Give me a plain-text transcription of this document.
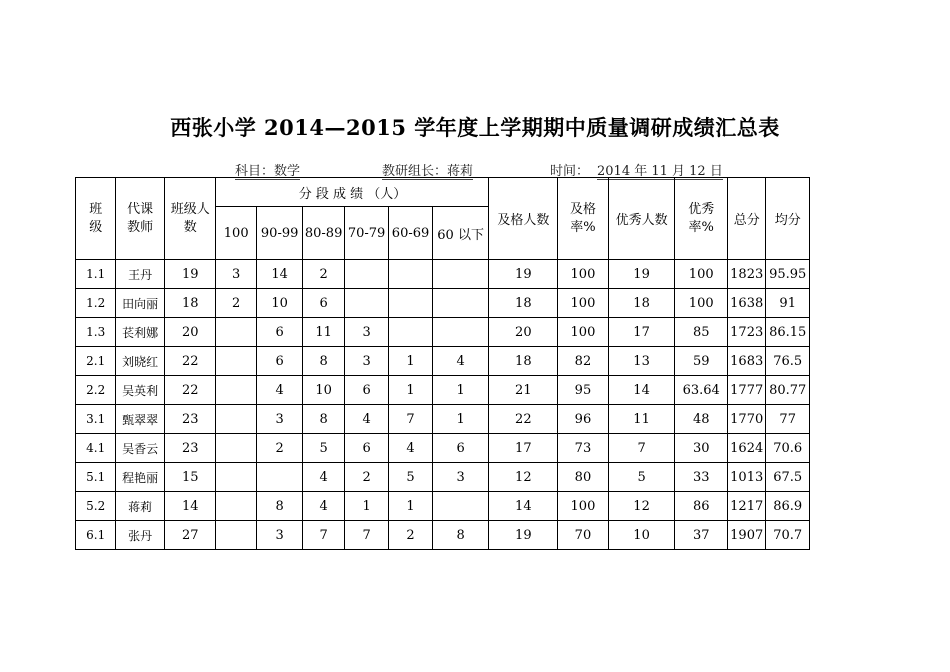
西张小学 2014—2015 学年度上学期期中质量调研成绩汇总表
科目：数学	教研组长：蒋莉	时间： 2014 年 11 月 12 日
班级	代课教师	班级人数	分 段 成 绩 （人）						及格人数	及格率%	优秀人数	优秀率%	总分	均分
			100	90-99	80-89	70-79	60-69	60 以下						
1.1	王丹	19	3	14	2				19	100	19	100	1823	95.95
1.2	田向丽	18	2	10	6				18	100	18	100	1638	91
1.3	苌利娜	20		6	11	3			20	100	17	85	1723	86.15
2.1	刘晓红	22		6	8	3	1	4	18	82	13	59	1683	76.5
2.2	吴英利	22		4	10	6	1	1	21	95	14	63.64	1777	80.77
3.1	甄翠翠	23		3	8	4	7	1	22	96	11	48	1770	77
4.1	吴香云	23		2	5	6	4	6	17	73	7	30	1624	70.6
5.1	程艳丽	15			4	2	5	3	12	80	5	33	1013	67.5
5.2	蒋莉	14		8	4	1	1		14	100	12	86	1217	86.9
6.1	张丹	27		3	7	7	2	8	19	70	10	37	1907	70.7
